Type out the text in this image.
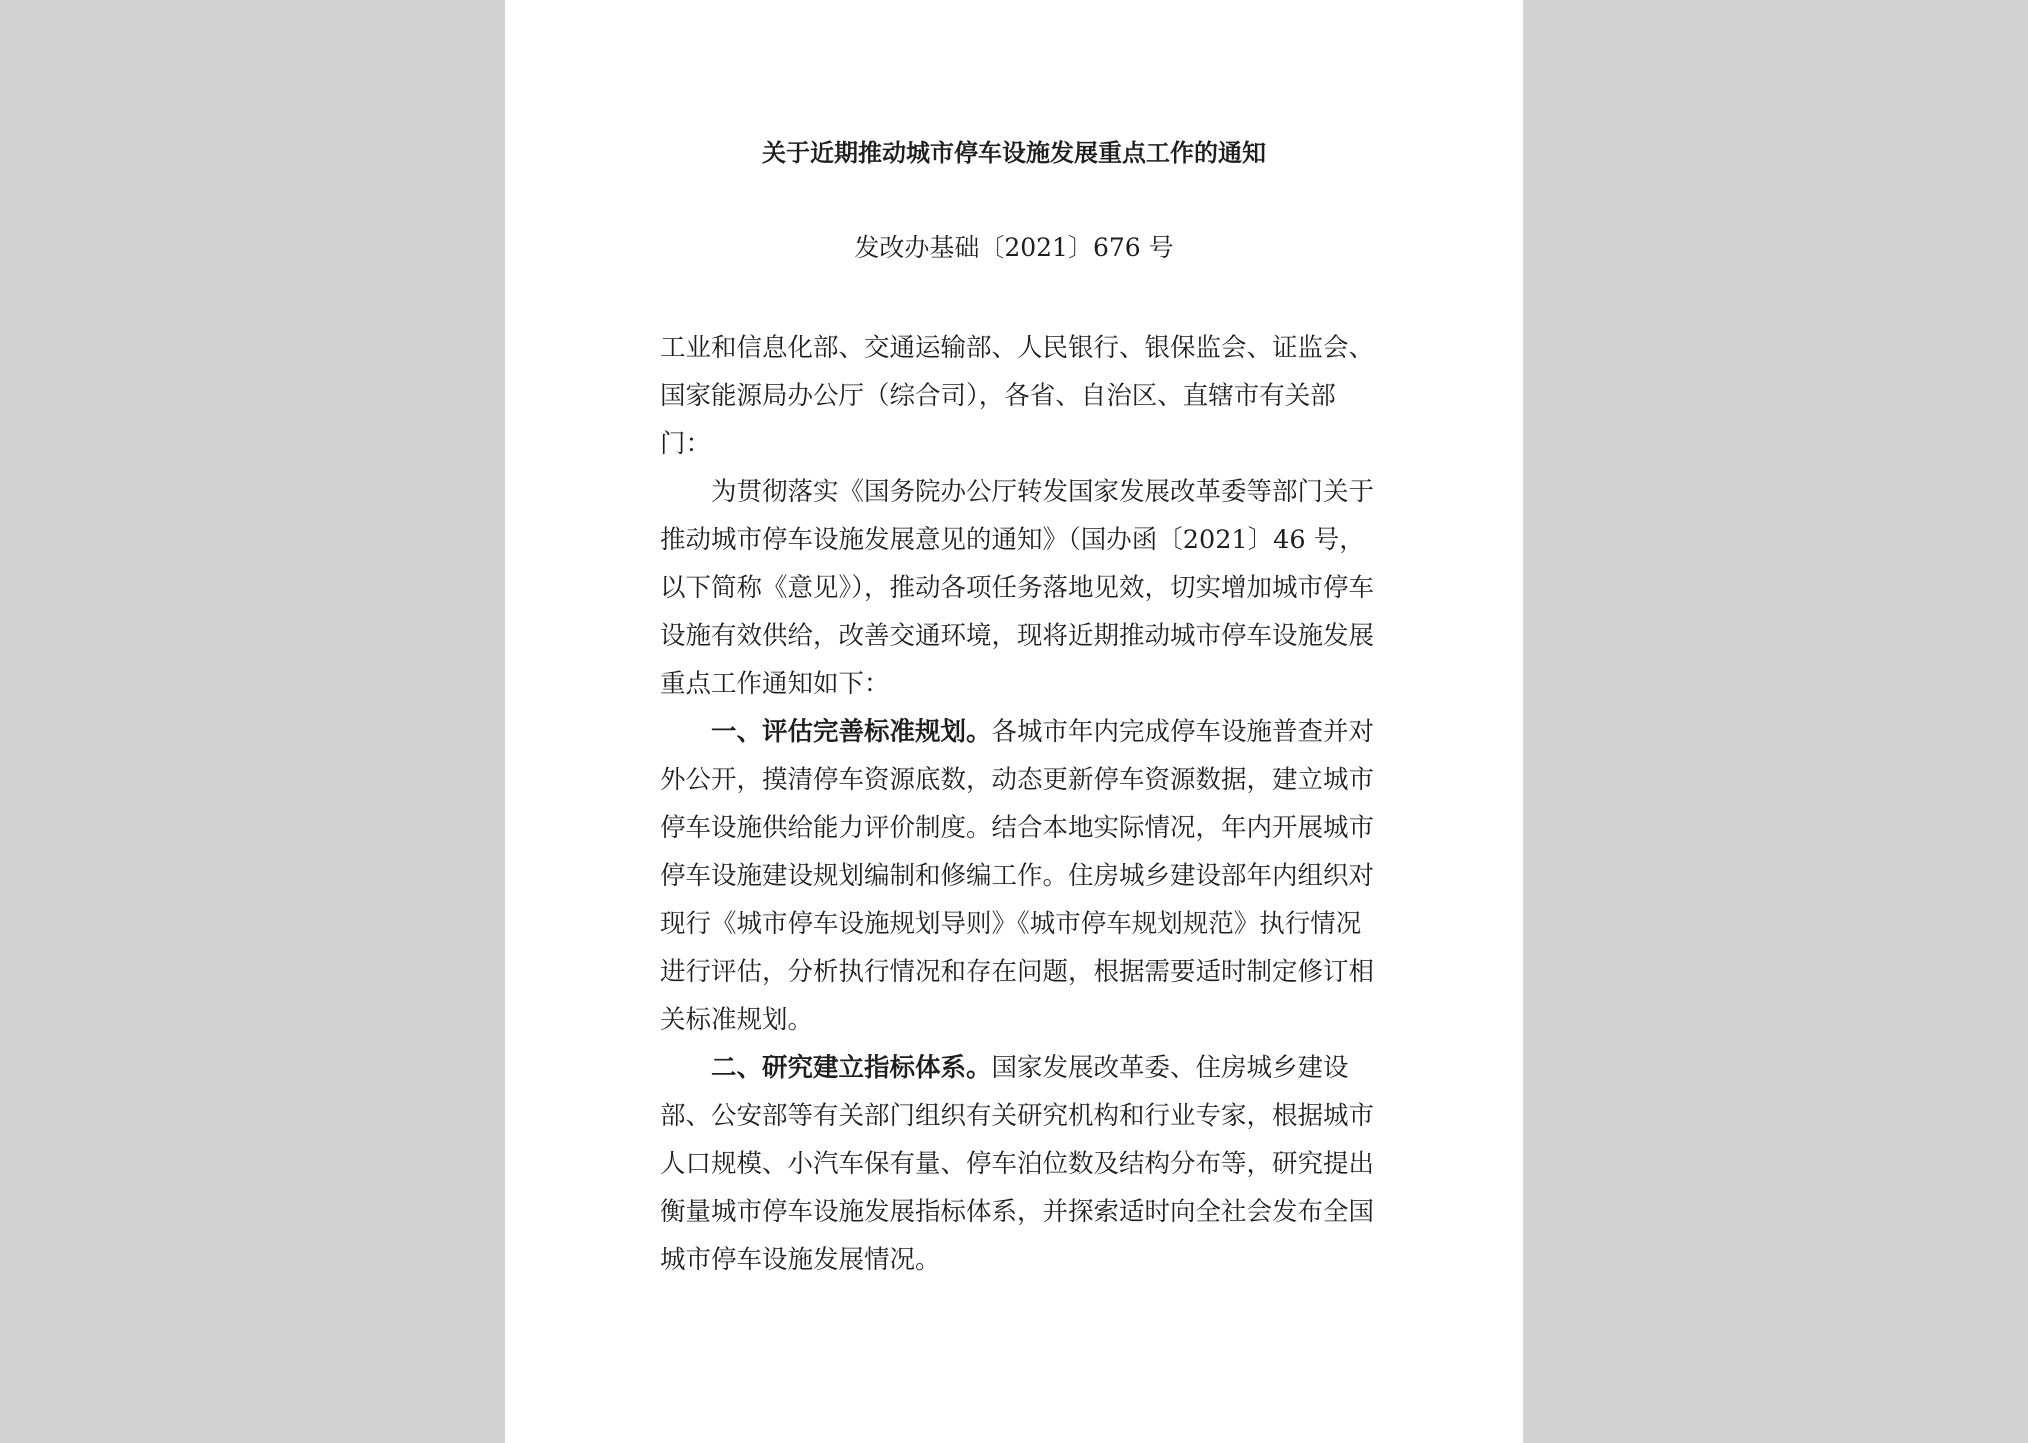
关于近期推动城市停车设施发展重点工作的通知
发改办基础〔2021〕676 号

工业和信息化部、交通运输部、人民银行、银保监会、证监会、国家能源局办公厅（综合司），各省、自治区、直辖市有关部门：

为贯彻落实《国务院办公厅转发国家发展改革委等部门关于推动城市停车设施发展意见的通知》（国办函〔2021〕46 号，以下简称《意见》），推动各项任务落地见效，切实增加城市停车设施有效供给，改善交通环境，现将近期推动城市停车设施发展重点工作通知如下：

一、评估完善标准规划。各城市年内完成停车设施普查并对外公开，摸清停车资源底数，动态更新停车资源数据，建立城市停车设施供给能力评价制度。结合本地实际情况，年内开展城市停车设施建设规划编制和修编工作。住房城乡建设部年内组织对现行《城市停车设施规划导则》《城市停车规划规范》执行情况进行评估，分析执行情况和存在问题，根据需要适时制定修订相关标准规划。

二、研究建立指标体系。国家发展改革委、住房城乡建设部、公安部等有关部门组织有关研究机构和行业专家，根据城市人口规模、小汽车保有量、停车泊位数及结构分布等，研究提出衡量城市停车设施发展指标体系，并探索适时向全社会发布全国城市停车设施发展情况。
